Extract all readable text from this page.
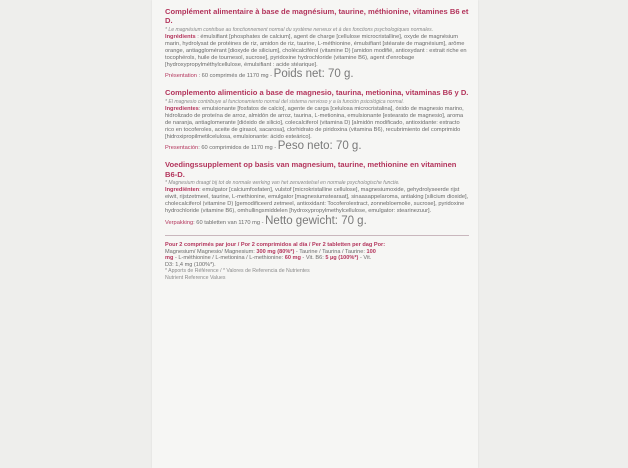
Complément alimentaire à base de magnésium, taurine, méthionine, vitamines B6 et D.
* Le magnésium contribue au fonctionnement normal du système nerveux et à des fonctions psychologiques normales.
Ingrédients : émulsifiant [phosphates de calcium], agent de charge [cellulose microcristalline], oxyde de magnésium marin, hydrolysat de protéines de riz, amidon de riz, taurine, L-méthionine, émulsifiant [stéarate de magnésium], arôme orange, antiagglomérant [dioxyde de silicium], cholécalciférol (vitamine D) [amidon modifié, antioxydant : extrait riche en tocophérols, huile de tournesol, sucrose], pyridoxine hydrochloride (vitamine B6), agent d'enrobage [hydroxypropylméthylcellulose, émulsifiant : acide stéarique].
Présentation : 60 comprimés de 1170 mg - Poids net: 70 g.
Complemento alimenticio a base de magnesio, taurina, metionina, vitaminas B6 y D.
* El magnesio contribuye al funcionamiento normal del sistema nervioso y a la función psicológica normal.
Ingredientes: emulsionante [fosfatos de calcio], agente de carga [celulosa microcristalina], óxido de magnesio marino, hidrolizado de proteína de arroz, almidón de arroz, taurina, L-metionina, emulsionante [estearato de magnesio], aroma de naranja, antiaglomerante [dióxido de silicio], colecalciferol (vitamina D) [almidón modificado, antioxidante: extracto rico en tocoferoles, aceite de girasol, sacarosa], clorhidrato de piridoxina (vitamina B6), recubrimiento del comprimido [hidroxipropilmetilcelulosa, emulsionante: ácido esteárico].
Presentación: 60 comprimidos de 1170 mg - Peso neto: 70 g.
Voedingssupplement op basis van magnesium, taurine, methionine en vitaminen B6-D.
* Magnesium draagt bij tot de normale werking van het zenuwstelsel en normale psychologische functie.
Ingrediënten: emulgator [calciumfosfaten], vulstof [microkristalline cellulose], magnesiumoxide, gehydrolyseerde rijst eiwit, rijstzetmeel, taurine, L-methionine, emulgator [magnesiumstearaat], sinaasappelaroma, antiaking [silicium dioxide], cholecalciferol (vitamine D) [gemodificeerd zetmeel, antioxidant: Tocoferolextract, zonnebloemolie, sucrose], pyridoxine hydrochloride (vitamine B6), omhullingsmiddelen [hydroxypropylmethylcellulose, emulgator: stearinezuur].
Verpakking: 60 tabletten van 1170 mg - Netto gewicht: 70 g.
Pour 2 comprimés par jour / Por 2 comprimidos al día / Per 2 tabletten per dag Por:
Magnesium/ Magnesio/ Magnesium: 300 mg (80%*) - Taurine / Taurina / Taurine: 100
mg - L-méthionine / L-metionina / L-methionine: 60 mg - Vit. B6: 5 µg (100%*) - Vit.
D3: 1,4 mg (100%*).
* Apports de Référence / * Valores de Referencia de Nutrientes
Nutrient Reference Values
